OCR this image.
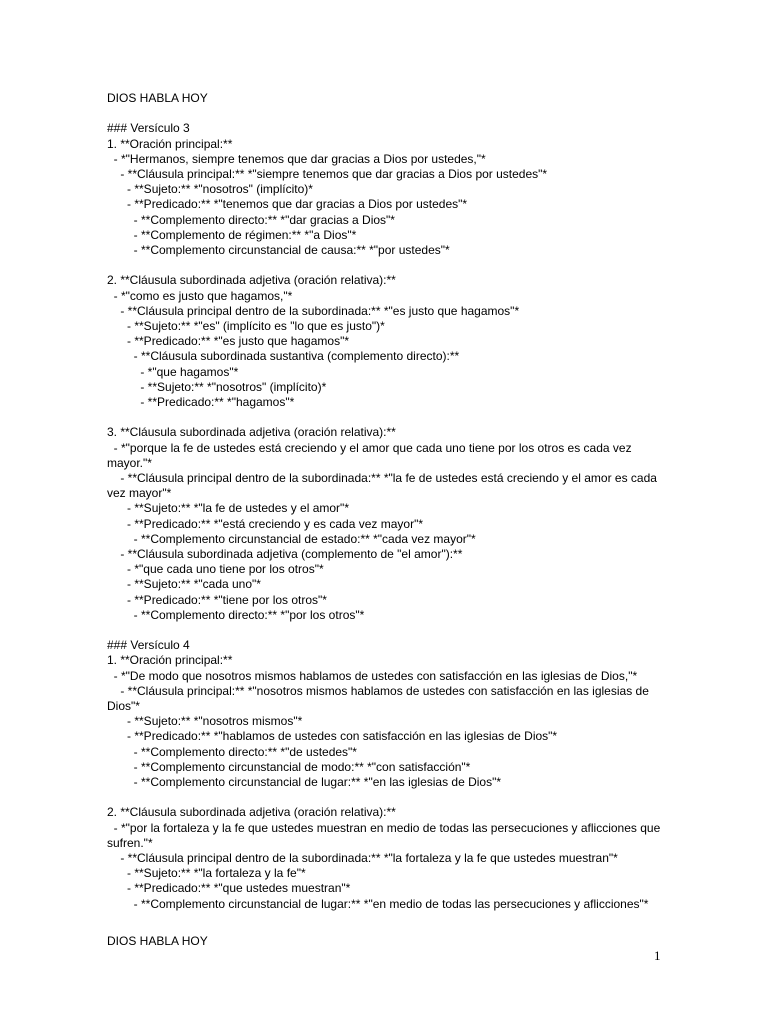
DIOS HABLA HOY

### Versículo 3

1. **Oración principal:**

- *"Hermanos, siempre tenemos que dar gracias a Dios por ustedes,"*

- **Cláusula principal:** *"siempre tenemos que dar gracias a Dios por ustedes"*

- **Sujeto:** *"nosotros" (implícito)*

- **Predicado:** *"tenemos que dar gracias a Dios por ustedes"*

- **Complemento directo:** *"dar gracias a Dios"*

- **Complemento de régimen:** *"a Dios"*

- **Complemento circunstancial de causa:** *"por ustedes"*

2. **Cláusula subordinada adjetiva (oración relativa):**

- *"como es justo que hagamos,"*

- **Cláusula principal dentro de la subordinada:** *"es justo que hagamos"*

- **Sujeto:** *"es" (implícito es "lo que es justo")*

- **Predicado:** *"es justo que hagamos"*

- **Cláusula subordinada sustantiva (complemento directo):**

- *"que hagamos"*

- **Sujeto:** *"nosotros" (implícito)*

- **Predicado:** *"hagamos"*

3. **Cláusula subordinada adjetiva (oración relativa):**

- *"porque la fe de ustedes está creciendo y el amor que cada uno tiene por los otros es cada vez mayor."*

- **Cláusula principal dentro de la subordinada:** *"la fe de ustedes está creciendo y el amor es cada vez mayor"*

- **Sujeto:** *"la fe de ustedes y el amor"*

- **Predicado:** *"está creciendo y es cada vez mayor"*

- **Complemento circunstancial de estado:** *"cada vez mayor"*

- **Cláusula subordinada adjetiva (complemento de "el amor"):**

- *"que cada uno tiene por los otros"*

- **Sujeto:** *"cada uno"*

- **Predicado:** *"tiene por los otros"*

- **Complemento directo:** *"por los otros"*

### Versículo 4

1. **Oración principal:**

- *"De modo que nosotros mismos hablamos de ustedes con satisfacción en las iglesias de Dios,"*

- **Cláusula principal:** *"nosotros mismos hablamos de ustedes con satisfacción en las iglesias de Dios"*

- **Sujeto:** *"nosotros mismos"*

- **Predicado:** *"hablamos de ustedes con satisfacción en las iglesias de Dios"*

- **Complemento directo:** *"de ustedes"*

- **Complemento circunstancial de modo:** *"con satisfacción"*

- **Complemento circunstancial de lugar:** *"en las iglesias de Dios"*

2. **Cláusula subordinada adjetiva (oración relativa):**

- *"por la fortaleza y la fe que ustedes muestran en medio de todas las persecuciones y aflicciones que sufren."*

- **Cláusula principal dentro de la subordinada:** *"la fortaleza y la fe que ustedes muestran"*

- **Sujeto:** *"la fortaleza y la fe"*

- **Predicado:** *"que ustedes muestran"*

- **Complemento circunstancial de lugar:** *"en medio de todas las persecuciones y aflicciones"*

DIOS HABLA HOY

1
